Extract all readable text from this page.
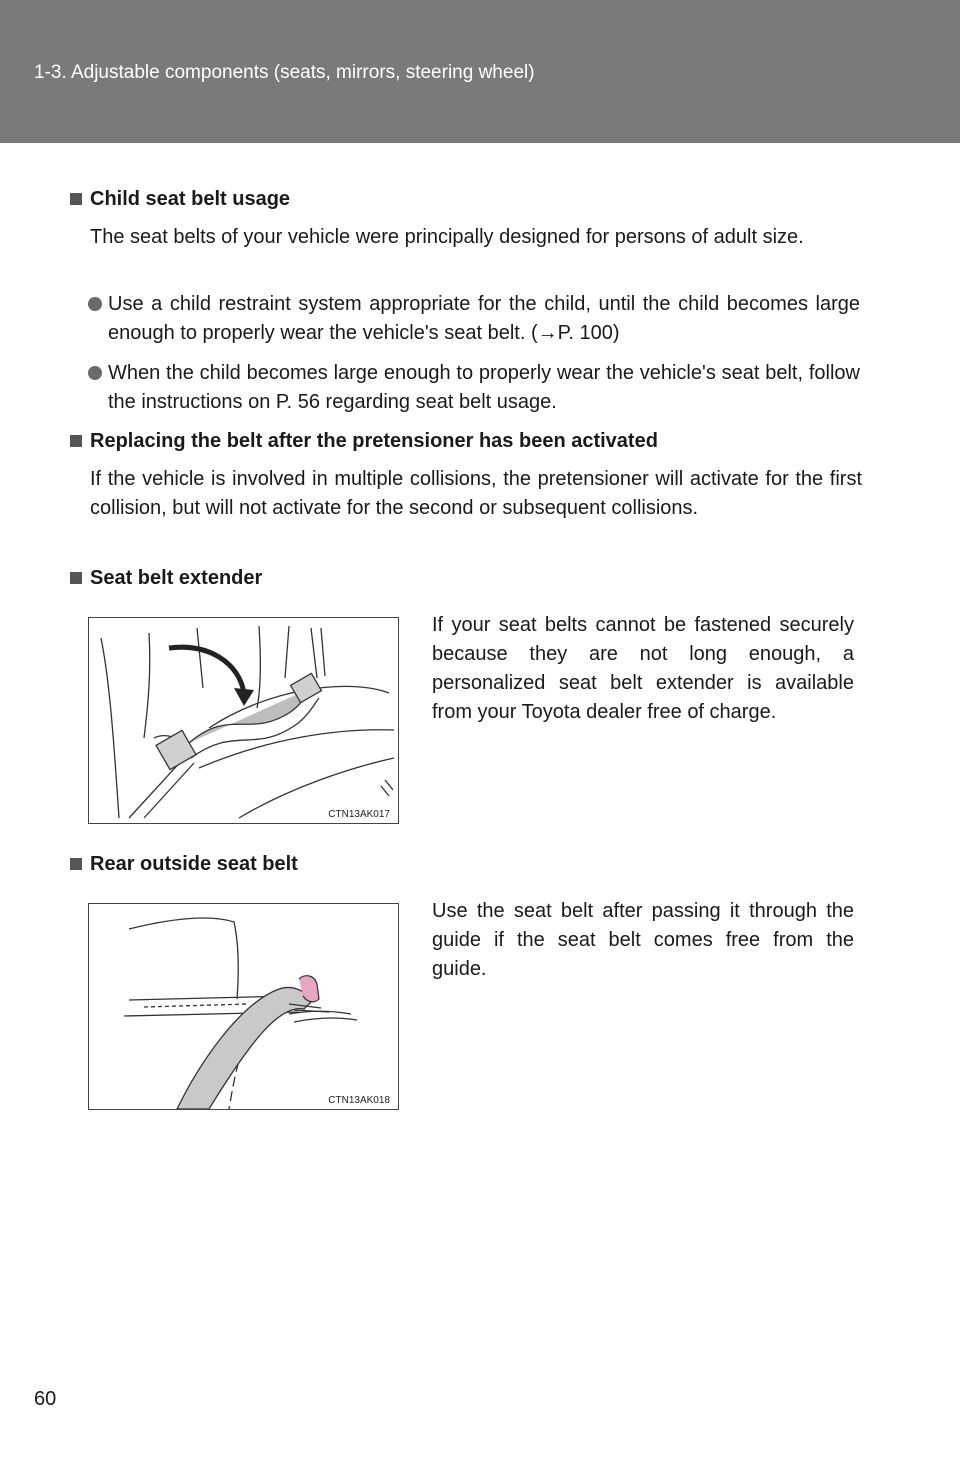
1-3. Adjustable components (seats, mirrors, steering wheel)
Child seat belt usage
The seat belts of your vehicle were principally designed for persons of adult size.
Use a child restraint system appropriate for the child, until the child becomes large enough to properly wear the vehicle's seat belt. (→P. 100)
When the child becomes large enough to properly wear the vehicle's seat belt, follow the instructions on P. 56 regarding seat belt usage.
Replacing the belt after the pretensioner has been activated
If the vehicle is involved in multiple collisions, the pretensioner will activate for the first collision, but will not activate for the second or subsequent collisions.
Seat belt extender
CTN13AK017
If your seat belts cannot be fastened securely because they are not long enough, a personalized seat belt extender is available from your Toyota dealer free of charge.
Rear outside seat belt
CTN13AK018
Use the seat belt after passing it through the guide if the seat belt comes free from the guide.
60
